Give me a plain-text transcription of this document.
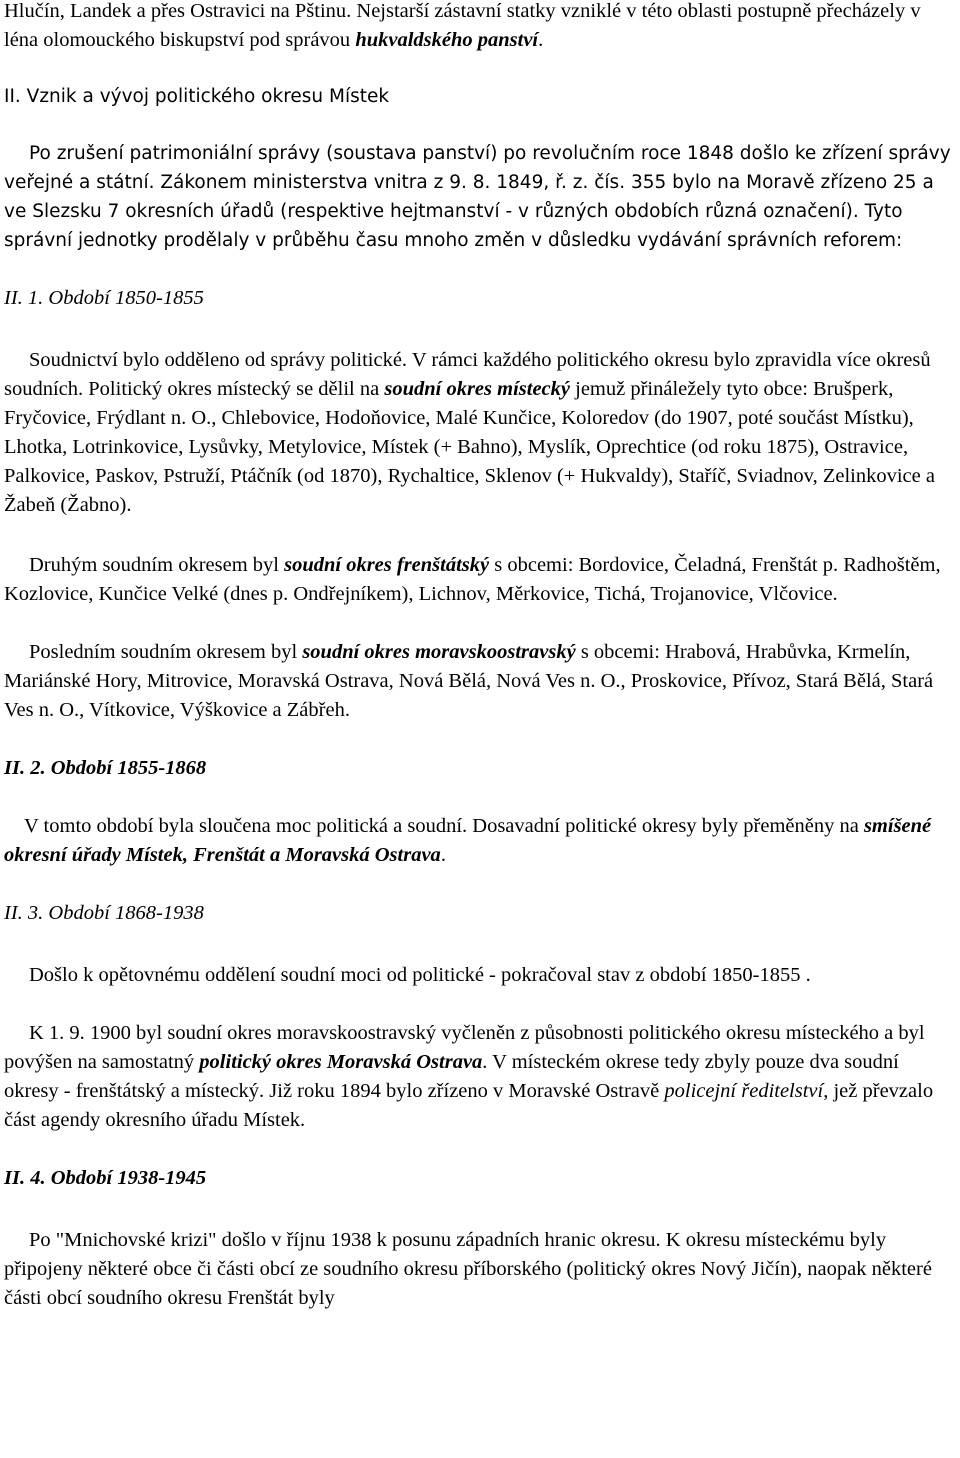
Hlučín, Landek a přes Ostravici na Pštinu. Nejstarší zástavní statky vzniklé v této oblasti postupně přecházely v léna olomouckého biskupství pod správou hukvaldského panství.

II. Vznik a vývoj politického okresu Místek

Po zrušení patrimoniální správy (soustava panství) po revolučním roce 1848 došlo ke zřízení správy veřejné a státní. Zákonem ministerstva vnitra z 9. 8. 1849, ř. z. čís. 355 bylo na Moravě zřízeno 25 a ve Slezsku 7 okresních úřadů (respektive hejtmanství - v různých obdobích různá označení). Tyto správní jednotky prodělaly v průběhu času mnoho změn v důsledku vydávání správních reforem:

II. 1. Období 1850-1855

Soudnictví bylo odděleno od správy politické. V rámci každého politického okresu bylo zpravidla více okresů soudních. Politický okres místecký se dělil na soudní okres místecký jemuž přináležely tyto obce: Brušperk, Fryčovice, Frýdlant n. O., Chlebovice, Hodoňovice, Malé Kunčice, Koloredov (do 1907, poté součást Místku), Lhotka, Lotrinkovice, Lysůvky, Metylovice, Místek (+ Bahno), Myslík, Oprechtice (od roku 1875), Ostravice, Palkovice, Paskov, Pstruží, Ptáčník (od 1870), Rychaltice, Sklenov (+ Hukvaldy), Staříč, Sviadnov, Zelinkovice a Žabeň (Žabno).

Druhým soudním okresem byl soudní okres frenštátský s obcemi: Bordovice, Čeladná, Frenštát p. Radhoštěm, Kozlovice, Kunčice Velké (dnes p. Ondřejníkem), Lichnov, Měrkovice, Tichá, Trojanovice, Vlčovice.

Posledním soudním okresem byl soudní okres moravskoostravský s obcemi: Hrabová, Hrabůvka, Krmelín, Mariánské Hory, Mitrovice, Moravská Ostrava, Nová Bělá, Nová Ves n. O., Proskovice, Přívoz, Stará Bělá, Stará Ves n. O., Vítkovice, Výškovice a Zábřeh.

II. 2. Období 1855-1868

V tomto období byla sloučena moc politická a soudní. Dosavadní politické okresy byly přeměněny na smíšené okresní úřady Místek, Frenštát a Moravská Ostrava.

II. 3. Období 1868-1938

Došlo k opětovnému oddělení soudní moci od politické - pokračoval stav z období 1850-1855 .

K 1. 9. 1900 byl soudní okres moravskoostravský vyčleněn z působnosti politického okresu místeckého a byl povýšen na samostatný politický okres Moravská Ostrava. V místeckém okrese tedy zbyly pouze dva soudní okresy - frenštátský a místecký. Již roku 1894 bylo zřízeno v Moravské Ostravě policejní ředitelství, jež převzalo část agendy okresního úřadu Místek.

II. 4. Období 1938-1945

Po "Mnichovské krizi" došlo v říjnu 1938 k posunu západních hranic okresu. K okresu místeckému byly připojeny některé obce či části obcí ze soudního okresu příborského (politický okres Nový Jičín), naopak některé části obcí soudního okresu Frenštát byly
